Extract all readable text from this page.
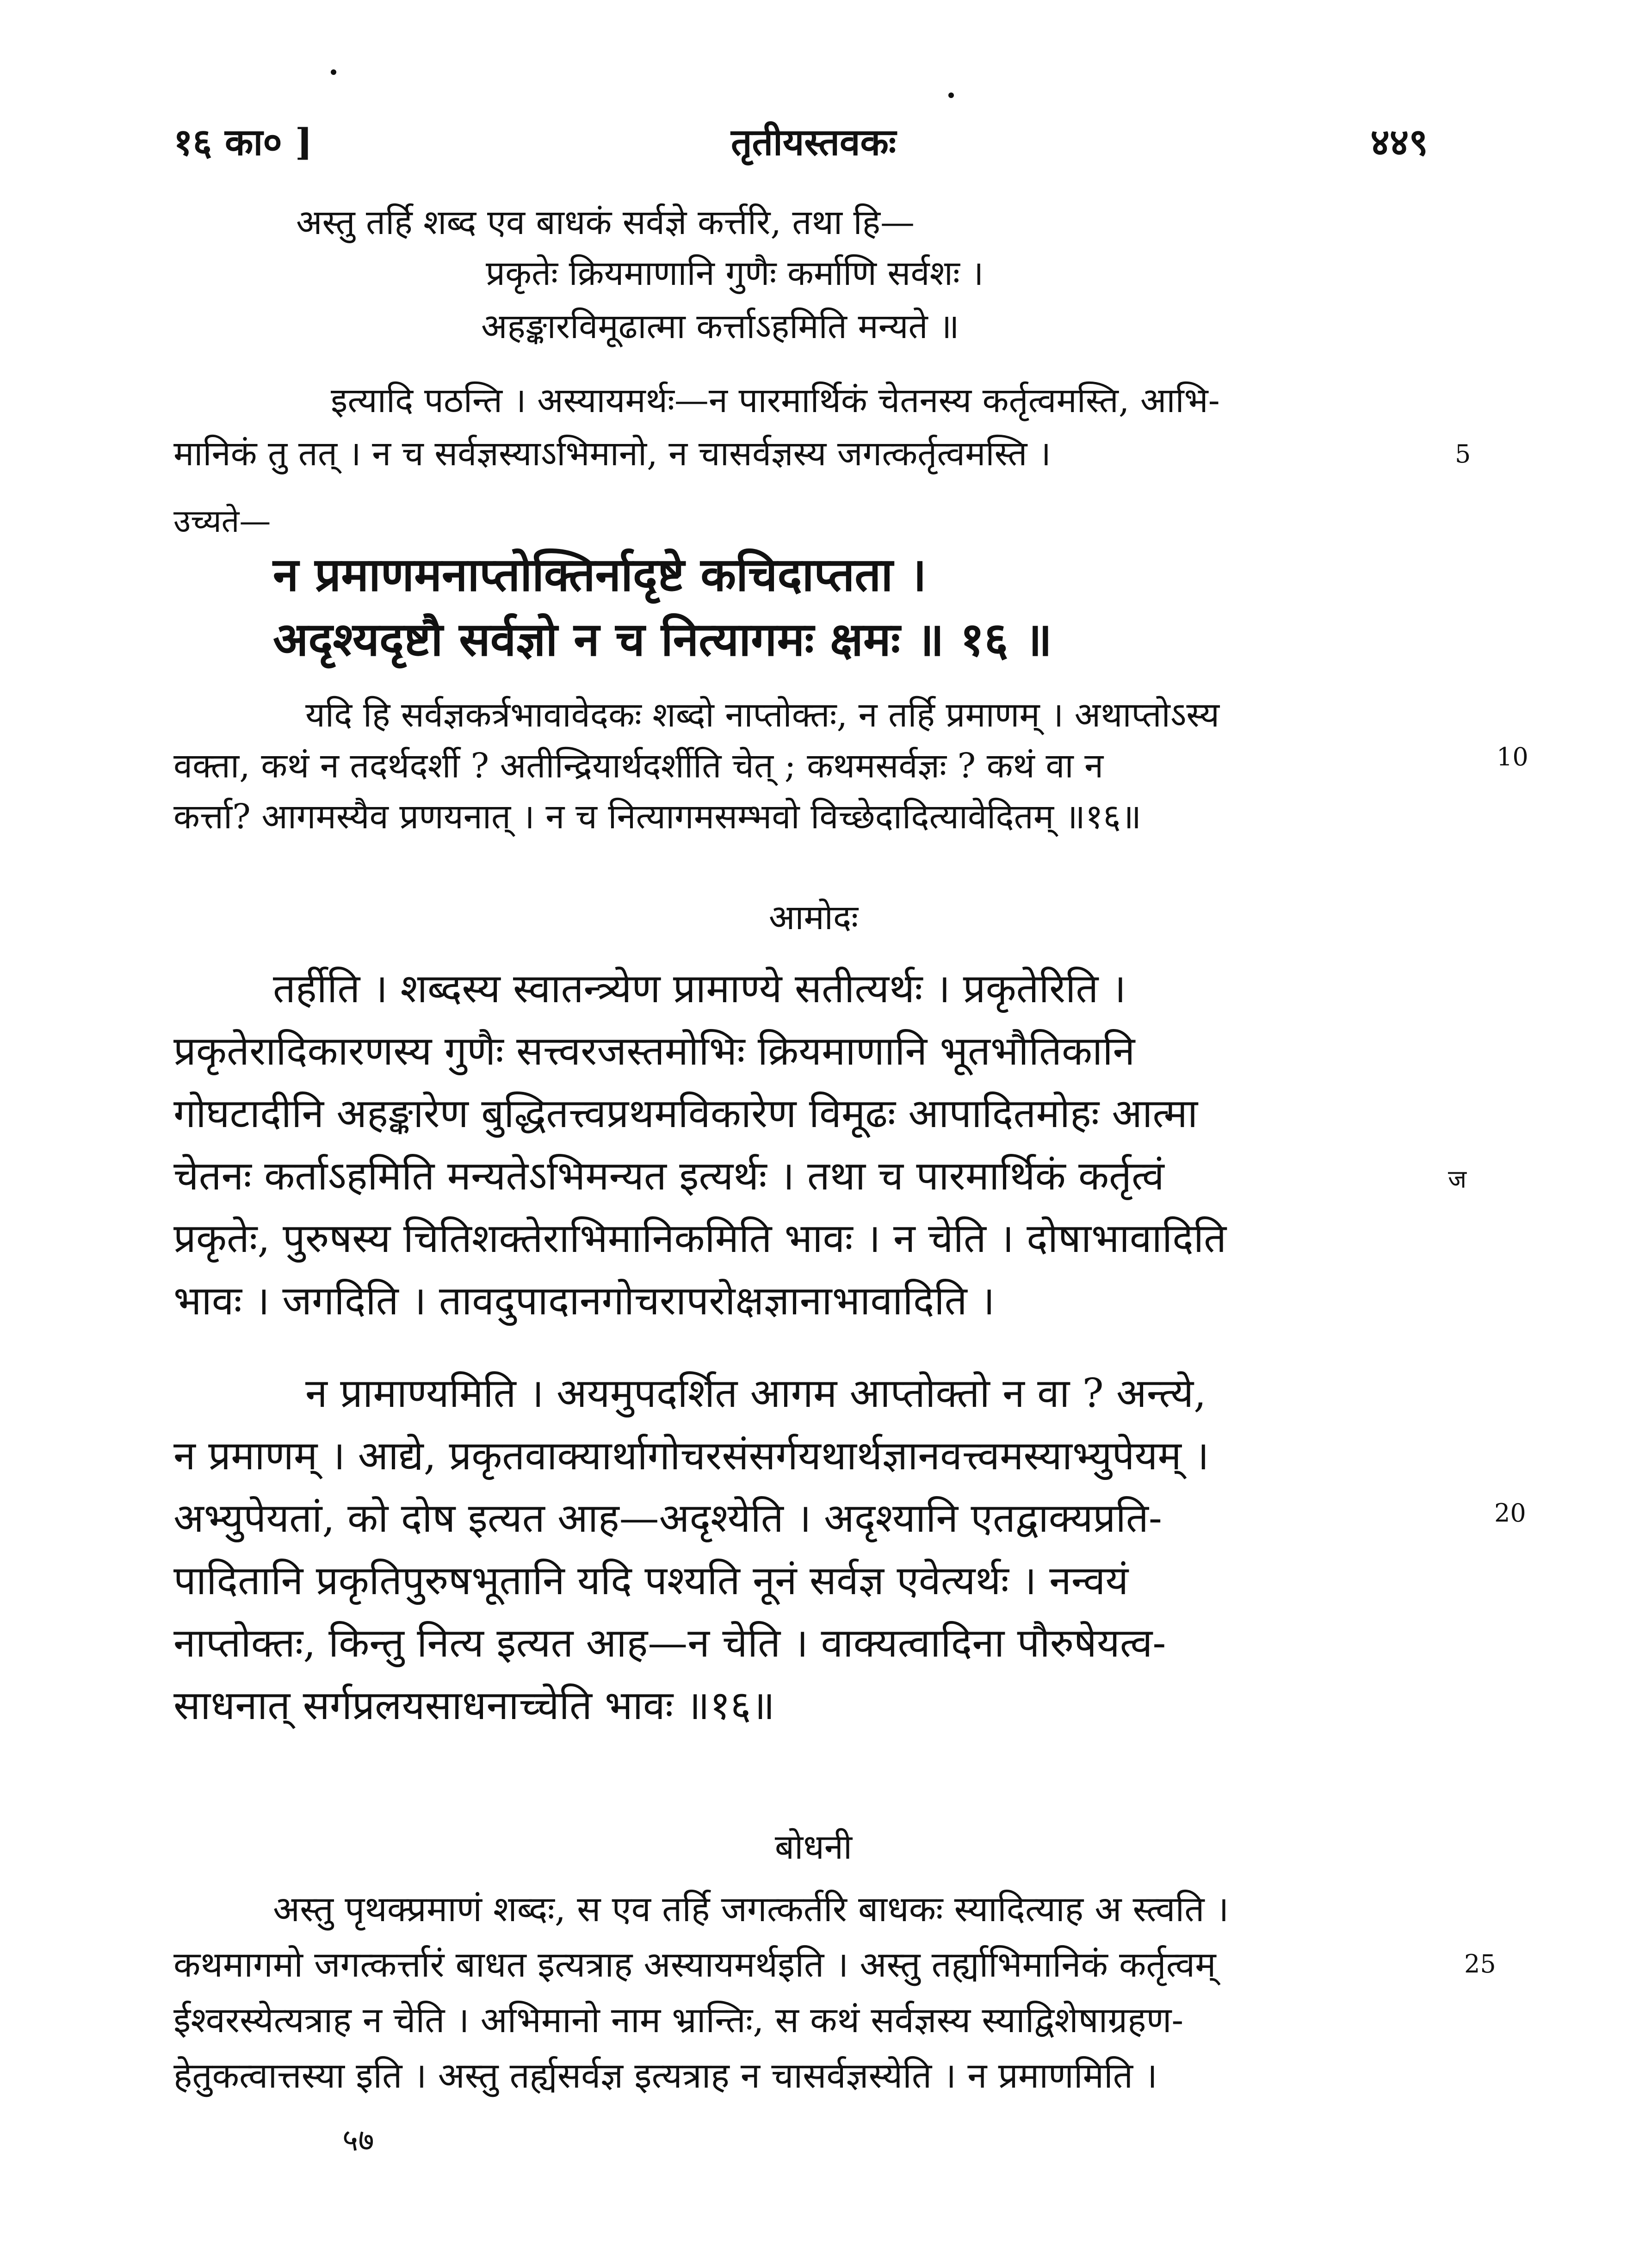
१६ का० ]	तृतीयस्तवकः	४४९
अस्तु तर्हि शब्द एव बाधकं सर्वज्ञे कर्त्तरि, तथा हि—
प्रकृतेः क्रियमाणानि गुणैः कर्माणि सर्वशः ।
अहङ्कारविमूढात्मा कर्त्ताऽहमिति मन्यते ॥
इत्यादि पठन्ति । अस्यायमर्थः—न पारमार्थिकं चेतनस्य कर्तृत्वमस्ति, आभि-
मानिकं तु तत् । न च सर्वज्ञस्याऽभिमानो, न चासर्वज्ञस्य जगत्कर्तृत्वमस्ति ।	5
उच्यते—
न प्रमाणमनाप्तोक्तिर्नादृष्टे कचिदाप्तता ।
अदृश्यदृष्टौ सर्वज्ञो न च नित्यागमः क्षमः ॥ १६ ॥
यदि हि सर्वज्ञकर्त्रभावावेदकः शब्दो नाप्तोक्तः, न तर्हि प्रमाणम् । अथाप्तोऽस्य
वक्ता, कथं न तदर्थदर्शी ? अतीन्द्रियार्थदर्शीति चेत् ; कथमसर्वज्ञः ? कथं वा न	10
कर्त्ता? आगमस्यैव प्रणयनात् । न च नित्यागमसम्भवो विच्छेदादित्यावेदितम् ॥१६॥
आमोदः
तर्हीति । शब्दस्य स्वातन्त्र्येण प्रामाण्ये सतीत्यर्थः । प्रकृतेरिति ।
प्रकृतेरादिकारणस्य गुणैः सत्त्वरजस्तमोभिः क्रियमाणानि भूतभौतिकानि
गोघटादीनि अहङ्कारेण बुद्धितत्त्वप्रथमविकारेण विमूढः आपादितमोहः आत्मा
चेतनः कर्ताऽहमिति मन्यतेऽभिमन्यत इत्यर्थः । तथा च पारमार्थिकं कर्तृत्वं	ज
प्रकृतेः, पुरुषस्य चितिशक्तेराभिमानिकमिति भावः । न चेति । दोषाभावादिति
भावः । जगदिति । तावदुपादानगोचरापरोक्षज्ञानाभावादिति ।
न प्रामाण्यमिति । अयमुपदर्शित आगम आप्तोक्तो न वा ? अन्त्ये,
न प्रमाणम् । आद्ये, प्रकृतवाक्यार्थागोचरसंसर्गयथार्थज्ञानवत्त्वमस्याभ्युपेयम् ।
अभ्युपेयतां, को दोष इत्यत आह—अदृश्येति । अदृश्यानि एतद्वाक्यप्रति-	20
पादितानि प्रकृतिपुरुषभूतानि यदि पश्यति नूनं सर्वज्ञ एवेत्यर्थः । नन्वयं
नाप्तोक्तः, किन्तु नित्य इत्यत आह—न चेति । वाक्यत्वादिना पौरुषेयत्व-
साधनात् सर्गप्रलयसाधनाच्चेति भावः ॥१६॥
बोधनी
अस्तु पृथक्प्रमाणं शब्दः, स एव तर्हि जगत्कर्तरि बाधकः स्यादित्याह अ स्त्वति ।
कथमागमो जगत्कर्त्तारं बाधत इत्यत्राह अस्यायमर्थइति । अस्तु तर्ह्याभिमानिकं कर्तृत्वम्	25
ईश्वरस्येत्यत्राह न चेति । अभिमानो नाम भ्रान्तिः, स कथं सर्वज्ञस्य स्याद्विशेषाग्रहण-
हेतुकत्वात्तस्या इति । अस्तु तर्ह्यसर्वज्ञ इत्यत्राह न चासर्वज्ञस्येति । न प्रमाणमिति ।
५७
